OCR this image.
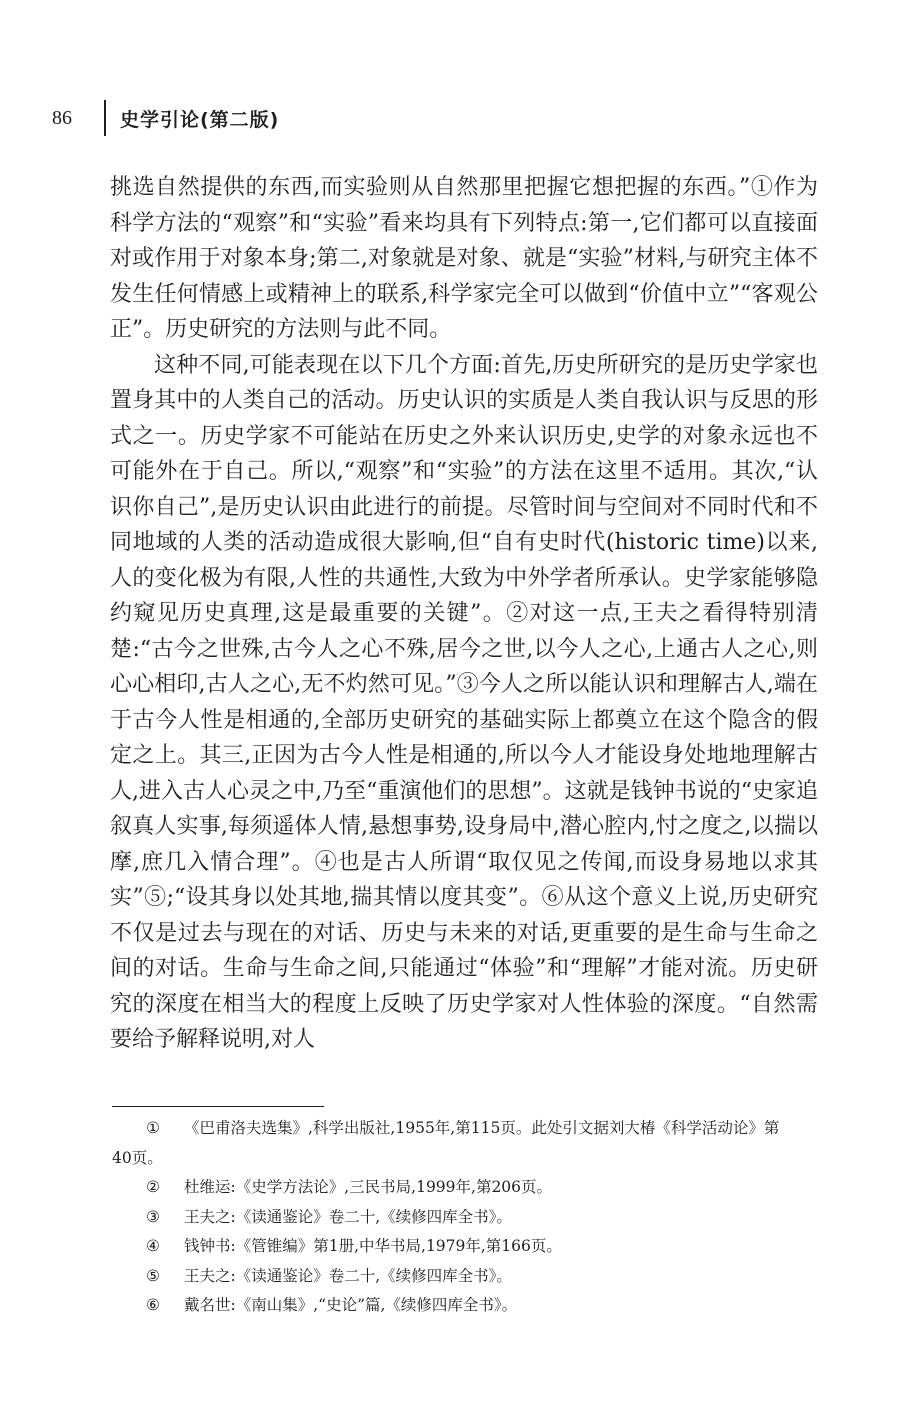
86	史学引论(第二版)

挑选自然提供的东西,而实验则从自然那里把握它想把握的东西。”①作为科学方法的“观察”和“实验”看来均具有下列特点:第一,它们都可以直接面对或作用于对象本身;第二,对象就是对象、就是“实验”材料,与研究主体不发生任何情感上或精神上的联系,科学家完全可以做到“价值中立”“客观公正”。历史研究的方法则与此不同。

这种不同,可能表现在以下几个方面:首先,历史所研究的是历史学家也置身其中的人类自己的活动。历史认识的实质是人类自我认识与反思的形式之一。历史学家不可能站在历史之外来认识历史,史学的对象永远也不可能外在于自己。所以,“观察”和“实验”的方法在这里不适用。其次,“认识你自己”,是历史认识由此进行的前提。尽管时间与空间对不同时代和不同地域的人类的活动造成很大影响,但“自有史时代(historic time)以来,人的变化极为有限,人性的共通性,大致为中外学者所承认。史学家能够隐约窥见历史真理,这是最重要的关键”。②对这一点,王夫之看得特别清楚:“古今之世殊,古今人之心不殊,居今之世,以今人之心,上通古人之心,则心心相印,古人之心,无不灼然可见。”③今人之所以能认识和理解古人,端在于古今人性是相通的,全部历史研究的基础实际上都奠立在这个隐含的假定之上。其三,正因为古今人性是相通的,所以今人才能设身处地地理解古人,进入古人心灵之中,乃至“重演他们的思想”。这就是钱钟书说的“史家追叙真人实事,每须遥体人情,悬想事势,设身局中,潜心腔内,忖之度之,以揣以摩,庶几入情合理”。④也是古人所谓“取仅见之传闻,而设身易地以求其实”⑤;“设其身以处其地,揣其情以度其变”。⑥从这个意义上说,历史研究不仅是过去与现在的对话、历史与未来的对话,更重要的是生命与生命之间的对话。生命与生命之间,只能通过“体验”和“理解”才能对流。历史研究的深度在相当大的程度上反映了历史学家对人性体验的深度。“自然需要给予解释说明,对人

①	《巴甫洛夫选集》,科学出版社,1955年,第115页。此处引文据刘大椿《科学活动论》第
40页。
②	杜维运:《史学方法论》,三民书局,1999年,第206页。
③	王夫之:《读通鉴论》卷二十,《续修四库全书》。
④	钱钟书:《管锥编》第1册,中华书局,1979年,第166页。
⑤	王夫之:《读通鉴论》卷二十,《续修四库全书》。
⑥	戴名世:《南山集》,“史论”篇,《续修四库全书》。
